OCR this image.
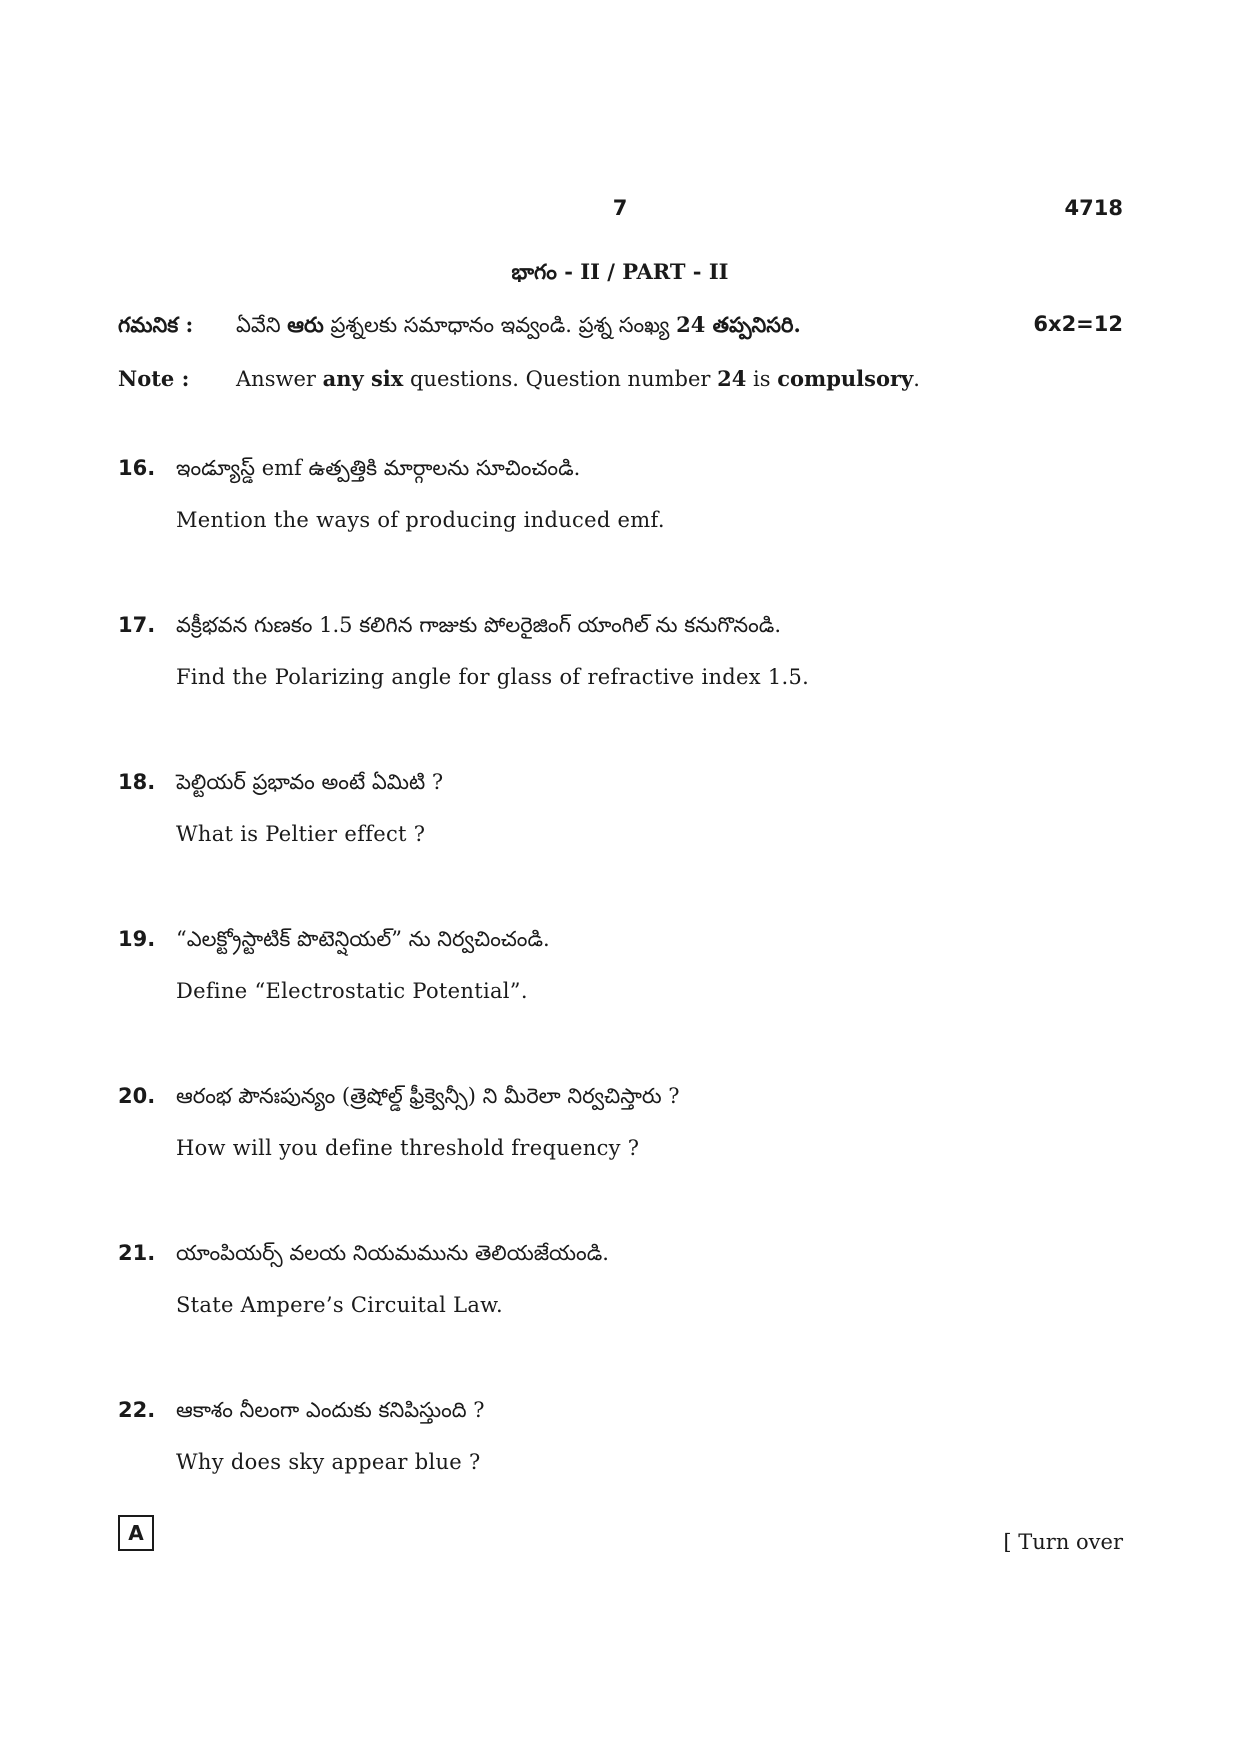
7	4718
భాగం - II / PART - II
గమనిక : ఏవేని ఆరు ప్రశ్నలకు సమాధానం ఇవ్వండి. ప్రశ్న సంఖ్య 24 తప్పనిసరి.	6x2=12
Note : Answer any six questions. Question number 24 is compulsory.
16. ఇండ్యూస్డ్ emf ఉత్పత్తికి మార్గాలను సూచించండి.
Mention the ways of producing induced emf.
17. వక్రీభవన గుణకం 1.5 కలిగిన గాజుకు పోలరైజింగ్ యాంగిల్ ను కనుగొనండి.
Find the Polarizing angle for glass of refractive index 1.5.
18. పెల్టియర్ ప్రభావం అంటే ఏమిటి ?
What is Peltier effect ?
19. “ఎలక్ట్రోస్టాటిక్ పొటెన్షియల్” ను నిర్వచించండి.
Define “Electrostatic Potential”.
20. ఆరంభ పౌనఃపున్యం (త్రెషోల్డ్ ఫ్రీక్వెన్సీ) ని మీరెలా నిర్వచిస్తారు ?
How will you define threshold frequency ?
21. యాంపియర్స్ వలయ నియమమును తెలియజేయండి.
State Ampere’s Circuital Law.
22. ఆకాశం నీలంగా ఎందుకు కనిపిస్తుంది ?
Why does sky appear blue ?
A	[ Turn over
